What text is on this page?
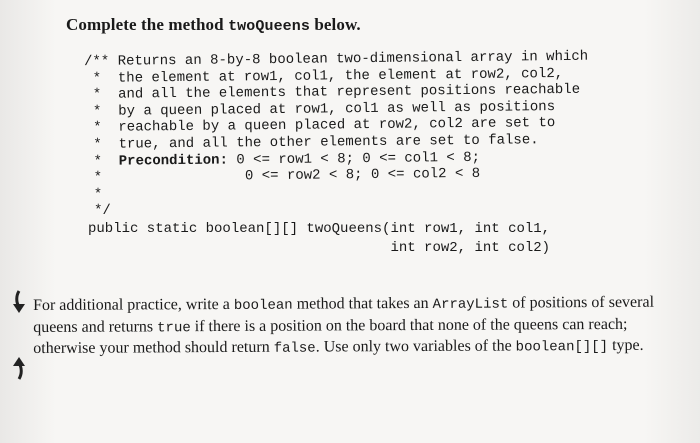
Complete the method twoQueens below.
/** Returns an 8-by-8 boolean two-dimensional array in which
*  the element at row1, col1, the element at row2, col2,
*  and all the elements that represent positions reachable
*  by a queen placed at row1, col1 as well as positions
*  reachable by a queen placed at row2, col2 are set to
*  true, and all the other elements are set to false.
*  Precondition: 0 <= row1 < 8; 0 <= col1 < 8;
*                 0 <= row2 < 8; 0 <= col2 < 8
*
*/
public static boolean[][] twoQueens(int row1, int col1,
int row2, int col2)
For additional practice, write a boolean method that takes an ArrayList of positions of several queens and returns true if there is a position on the board that none of the queens can reach; otherwise your method should return false. Use only two variables of the boolean[][] type.
